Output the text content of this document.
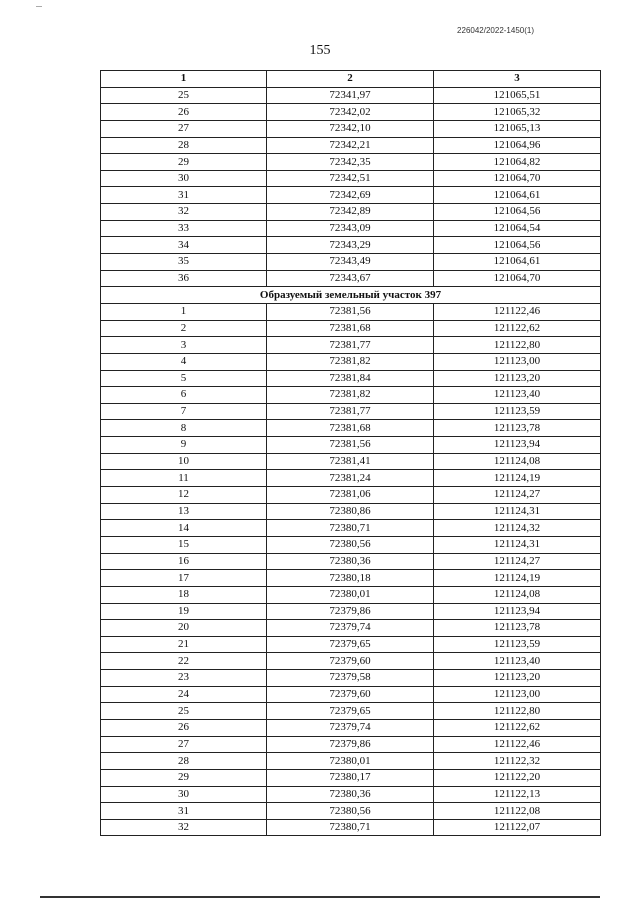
226042/2022-1450(1)
155
1	2	3
25	72341,97	121065,51
26	72342,02	121065,32
27	72342,10	121065,13
28	72342,21	121064,96
29	72342,35	121064,82
30	72342,51	121064,70
31	72342,69	121064,61
32	72342,89	121064,56
33	72343,09	121064,54
34	72343,29	121064,56
35	72343,49	121064,61
36	72343,67	121064,70
Образуемый земельный участок 397		
1	72381,56	121122,46
2	72381,68	121122,62
3	72381,77	121122,80
4	72381,82	121123,00
5	72381,84	121123,20
6	72381,82	121123,40
7	72381,77	121123,59
8	72381,68	121123,78
9	72381,56	121123,94
10	72381,41	121124,08
11	72381,24	121124,19
12	72381,06	121124,27
13	72380,86	121124,31
14	72380,71	121124,32
15	72380,56	121124,31
16	72380,36	121124,27
17	72380,18	121124,19
18	72380,01	121124,08
19	72379,86	121123,94
20	72379,74	121123,78
21	72379,65	121123,59
22	72379,60	121123,40
23	72379,58	121123,20
24	72379,60	121123,00
25	72379,65	121122,80
26	72379,74	121122,62
27	72379,86	121122,46
28	72380,01	121122,32
29	72380,17	121122,20
30	72380,36	121122,13
31	72380,56	121122,08
32	72380,71	121122,07
